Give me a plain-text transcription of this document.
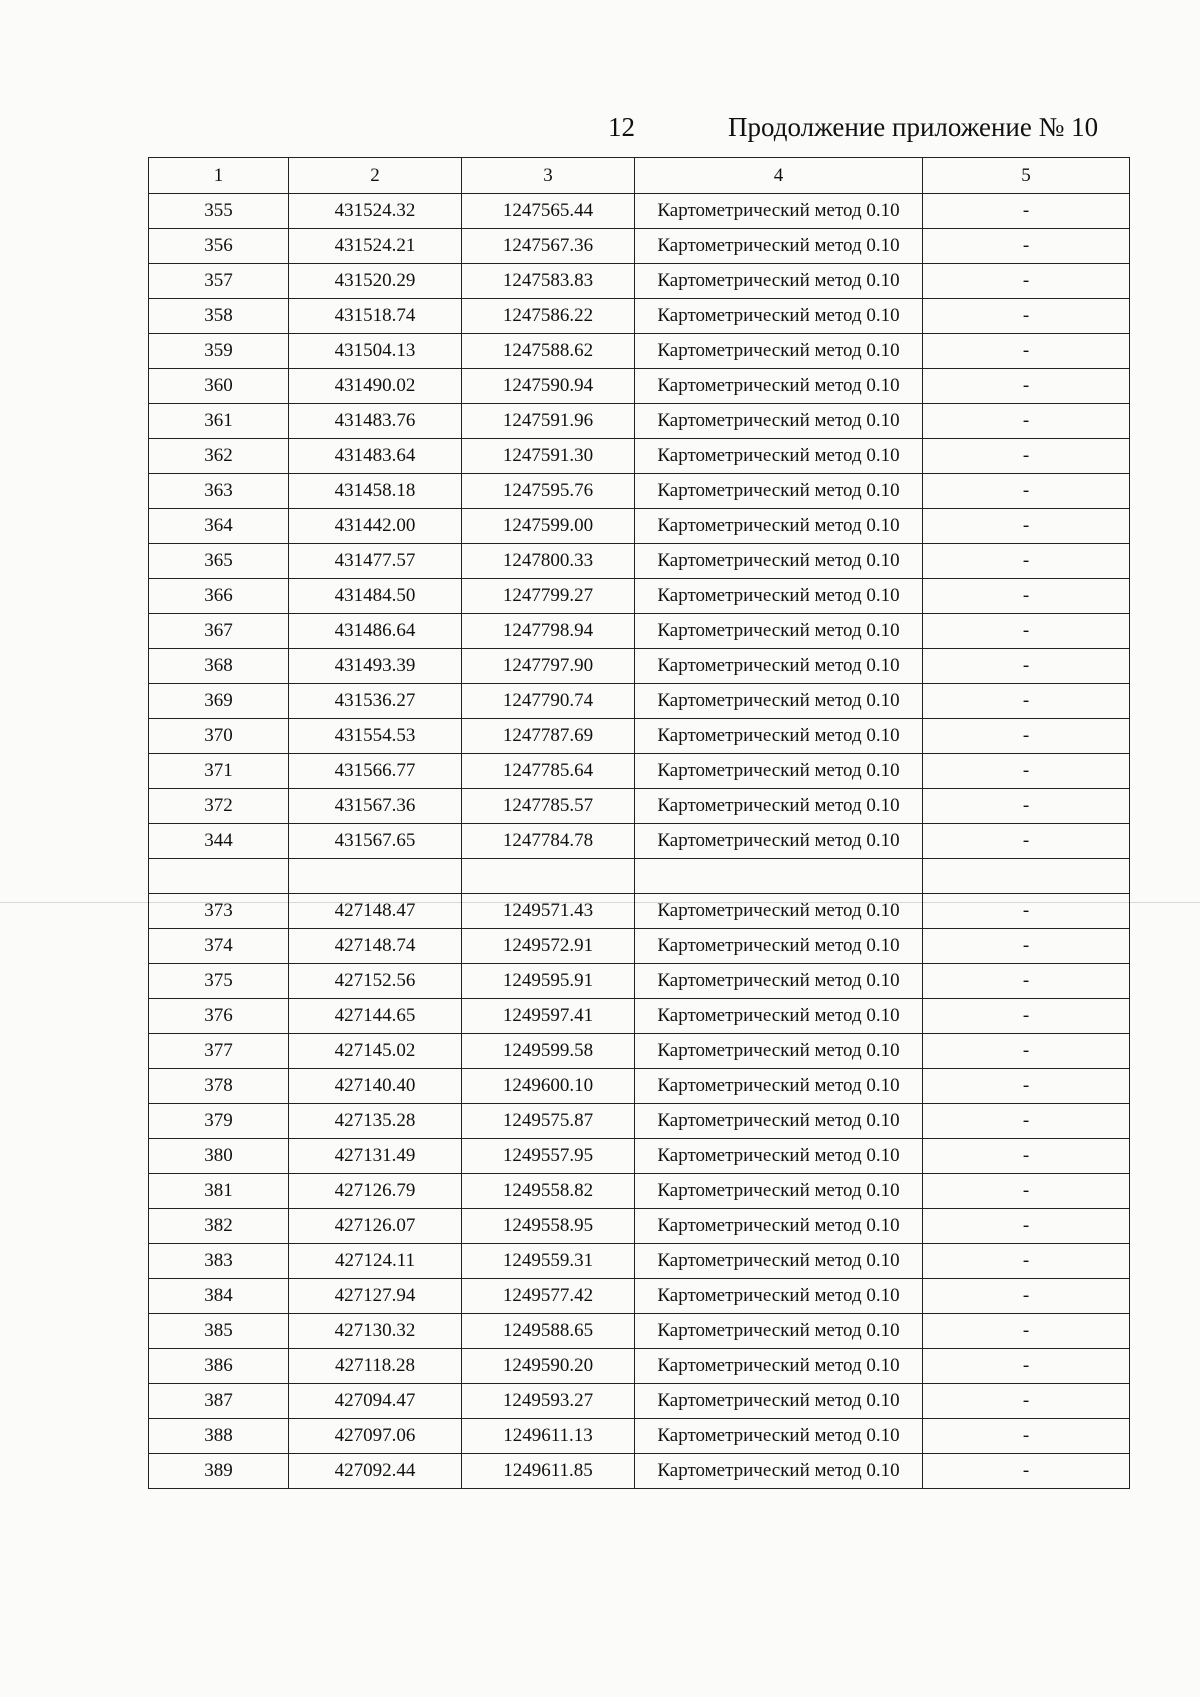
12	Продолжение приложение № 10
1	2	3	4	5
355	431524.32	1247565.44	Картометрический метод 0.10	-
356	431524.21	1247567.36	Картометрический метод 0.10	-
357	431520.29	1247583.83	Картометрический метод 0.10	-
358	431518.74	1247586.22	Картометрический метод 0.10	-
359	431504.13	1247588.62	Картометрический метод 0.10	-
360	431490.02	1247590.94	Картометрический метод 0.10	-
361	431483.76	1247591.96	Картометрический метод 0.10	-
362	431483.64	1247591.30	Картометрический метод 0.10	-
363	431458.18	1247595.76	Картометрический метод 0.10	-
364	431442.00	1247599.00	Картометрический метод 0.10	-
365	431477.57	1247800.33	Картометрический метод 0.10	-
366	431484.50	1247799.27	Картометрический метод 0.10	-
367	431486.64	1247798.94	Картометрический метод 0.10	-
368	431493.39	1247797.90	Картометрический метод 0.10	-
369	431536.27	1247790.74	Картометрический метод 0.10	-
370	431554.53	1247787.69	Картометрический метод 0.10	-
371	431566.77	1247785.64	Картометрический метод 0.10	-
372	431567.36	1247785.57	Картометрический метод 0.10	-
344	431567.65	1247784.78	Картометрический метод 0.10	-

373	427148.47	1249571.43	Картометрический метод 0.10	-
374	427148.74	1249572.91	Картометрический метод 0.10	-
375	427152.56	1249595.91	Картометрический метод 0.10	-
376	427144.65	1249597.41	Картометрический метод 0.10	-
377	427145.02	1249599.58	Картометрический метод 0.10	-
378	427140.40	1249600.10	Картометрический метод 0.10	-
379	427135.28	1249575.87	Картометрический метод 0.10	-
380	427131.49	1249557.95	Картометрический метод 0.10	-
381	427126.79	1249558.82	Картометрический метод 0.10	-
382	427126.07	1249558.95	Картометрический метод 0.10	-
383	427124.11	1249559.31	Картометрический метод 0.10	-
384	427127.94	1249577.42	Картометрический метод 0.10	-
385	427130.32	1249588.65	Картометрический метод 0.10	-
386	427118.28	1249590.20	Картометрический метод 0.10	-
387	427094.47	1249593.27	Картометрический метод 0.10	-
388	427097.06	1249611.13	Картометрический метод 0.10	-
389	427092.44	1249611.85	Картометрический метод 0.10	-
